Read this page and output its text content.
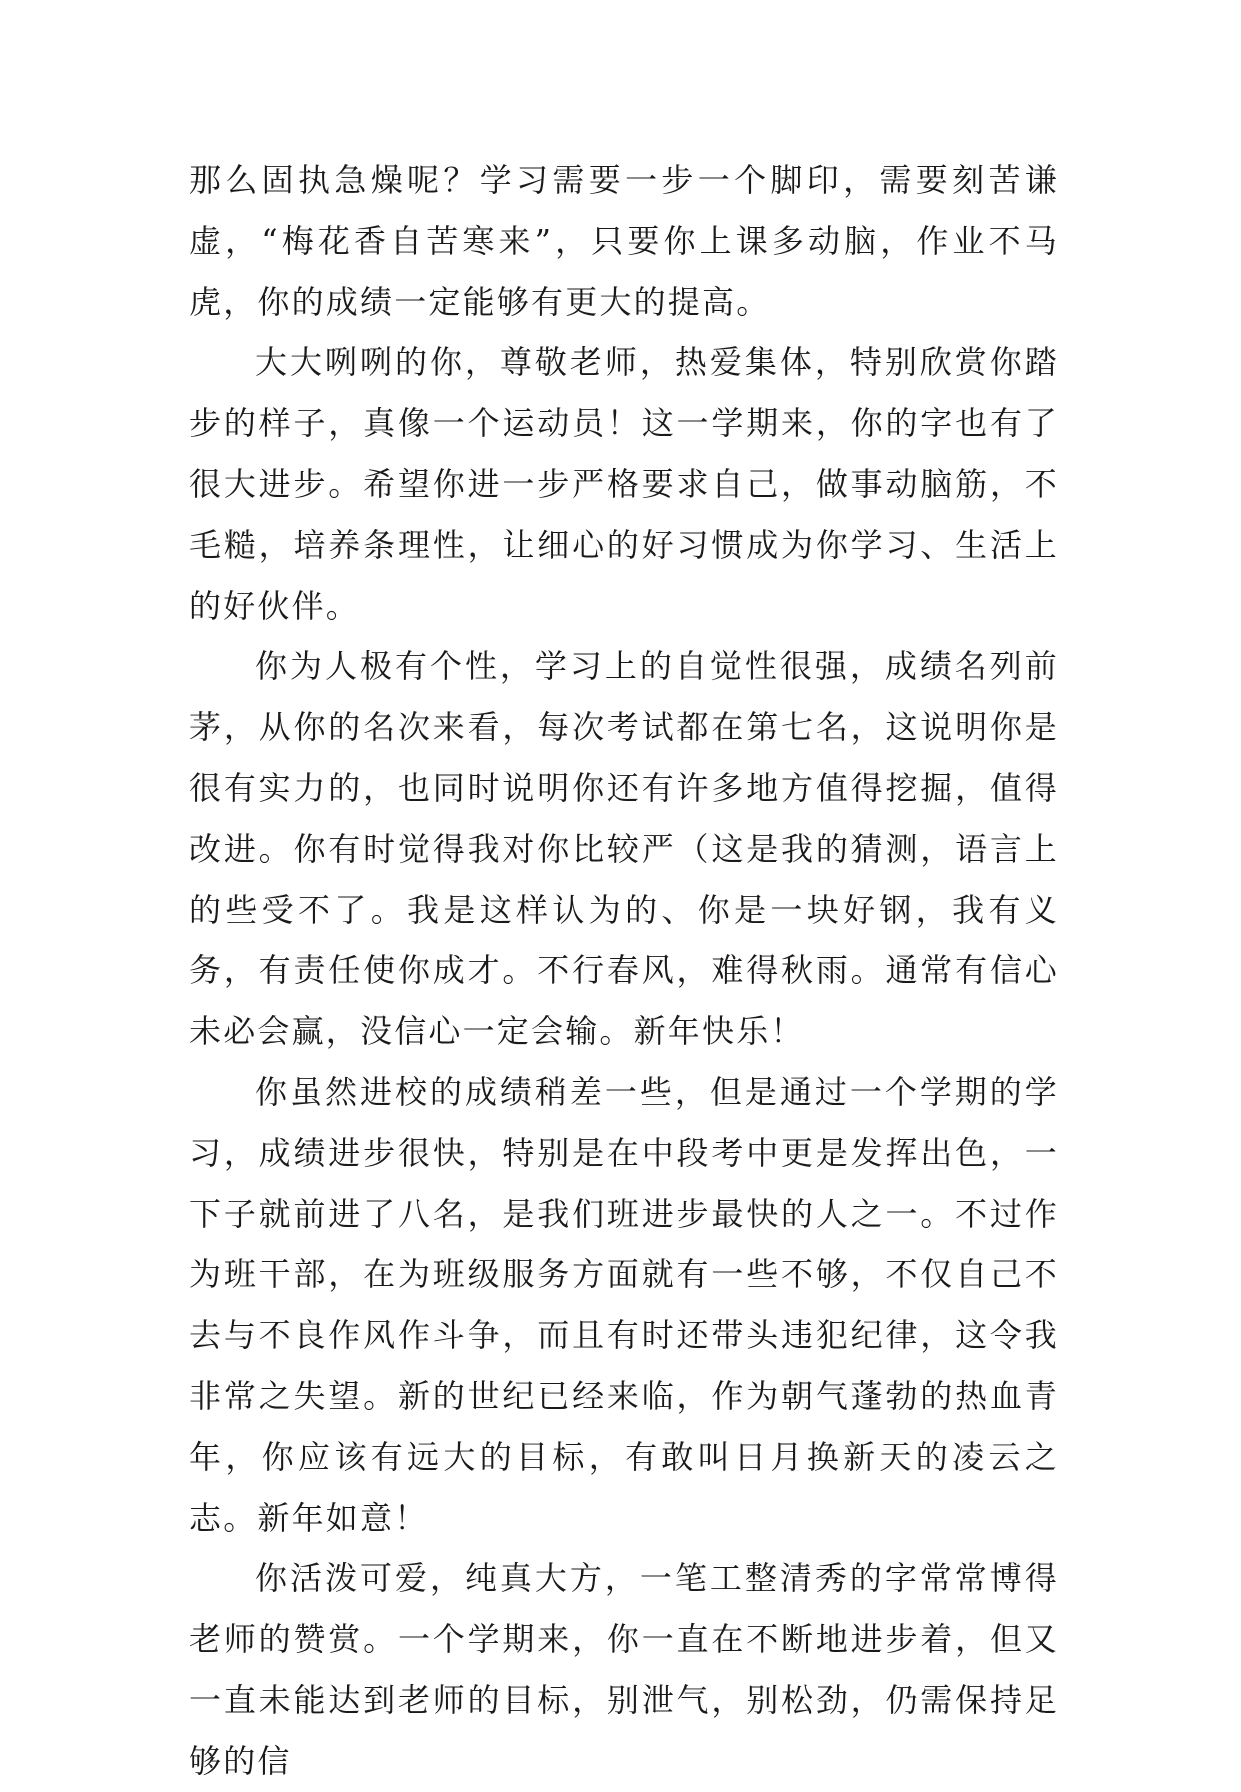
那么固执急燥呢？学习需要一步一个脚印，需要刻苦谦虚，“梅花香自苦寒来”，只要你上课多动脑，作业不马虎，你的成绩一定能够有更大的提高。

大大咧咧的你，尊敬老师，热爱集体，特别欣赏你踏步的样子，真像一个运动员！这一学期来，你的字也有了很大进步。希望你进一步严格要求自己，做事动脑筋，不毛糙，培养条理性，让细心的好习惯成为你学习、生活上的好伙伴。

你为人极有个性，学习上的自觉性很强，成绩名列前茅，从你的名次来看，每次考试都在第七名，这说明你是很有实力的，也同时说明你还有许多地方值得挖掘，值得改进。你有时觉得我对你比较严（这是我的猜测，语言上的些受不了。我是这样认为的、你是一块好钢，我有义务，有责任使你成才。不行春风，难得秋雨。通常有信心未必会赢，没信心一定会输。新年快乐！

你虽然进校的成绩稍差一些，但是通过一个学期的学习，成绩进步很快，特别是在中段考中更是发挥出色，一下子就前进了八名，是我们班进步最快的人之一。不过作为班干部，在为班级服务方面就有一些不够，不仅自己不去与不良作风作斗争，而且有时还带头违犯纪律，这令我非常之失望。新的世纪已经来临，作为朝气蓬勃的热血青年，你应该有远大的目标，有敢叫日月换新天的凌云之志。新年如意！

你活泼可爱，纯真大方，一笔工整清秀的字常常博得老师的赞赏。一个学期来，你一直在不断地进步着，但又一直未能达到老师的目标，别泄气，别松劲，仍需保持足够的信
